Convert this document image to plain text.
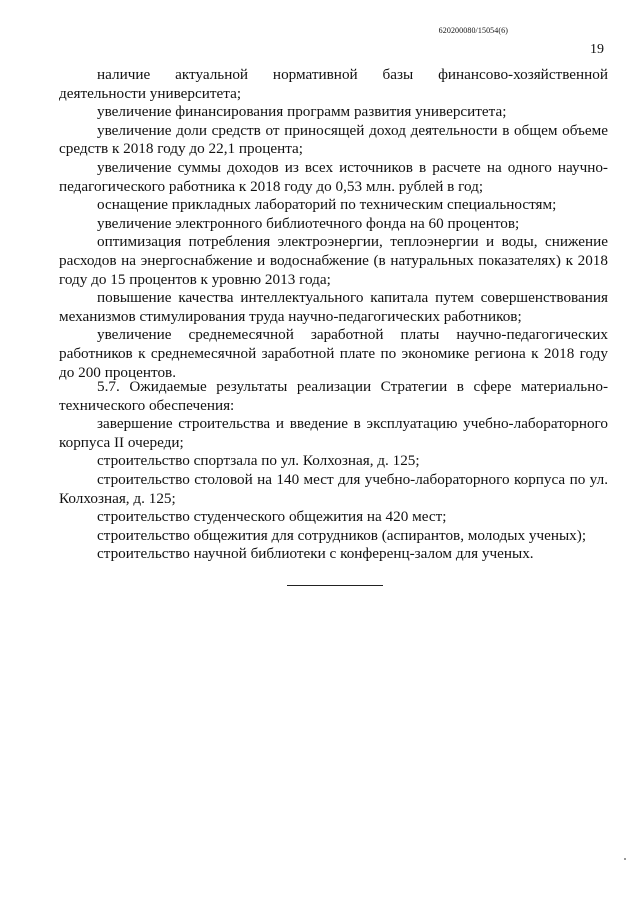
620200080/15054(6)
19

наличие актуальной нормативной базы финансово-хозяйственной деятельности университета;

увеличение финансирования программ развития университета;

увеличение доли средств от приносящей доход деятельности в общем объеме средств к 2018 году до 22,1 процента;

увеличение суммы доходов из всех источников в расчете на одного научно-педагогического работника к 2018 году до 0,53 млн. рублей в год;

оснащение прикладных лабораторий по техническим специальностям;

увеличение электронного библиотечного фонда на 60 процентов;

оптимизация потребления электроэнергии, теплоэнергии и воды, снижение расходов на энергоснабжение и водоснабжение (в натуральных показателях) к 2018 году до 15 процентов к уровню 2013 года;

повышение качества интеллектуального капитала путем совершенствования механизмов стимулирования труда научно-педагогических работников;

увеличение среднемесячной заработной платы научно-педагогических работников к среднемесячной заработной плате по экономике региона к 2018 году до 200 процентов.

5.7. Ожидаемые результаты реализации Стратегии в сфере материально-технического обеспечения:

завершение строительства и введение в эксплуатацию учебно-лабораторного корпуса II очереди;

строительство спортзала по ул. Колхозная, д. 125;

строительство столовой на 140 мест для учебно-лабораторного корпуса по ул. Колхозная, д. 125;

строительство студенческого общежития на 420 мест;

строительство общежития для сотрудников (аспирантов, молодых ученых);

строительство научной библиотеки с конференц-залом для ученых.
